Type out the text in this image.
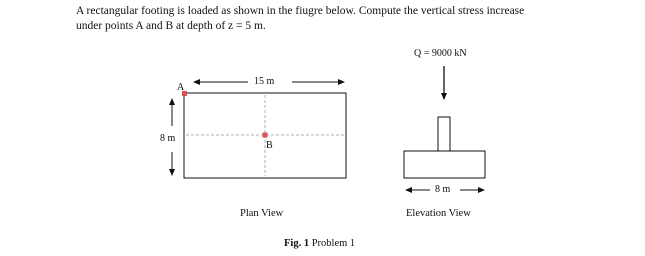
A rectangular footing is loaded as shown in the fiugre below. Compute the vertical stress increase
under points A and B at depth of z = 5 m.
15 m
8 m
A
B
Q = 9000 kN
8 m
Plan View	Elevation View
Fig. 1 Problem 1
